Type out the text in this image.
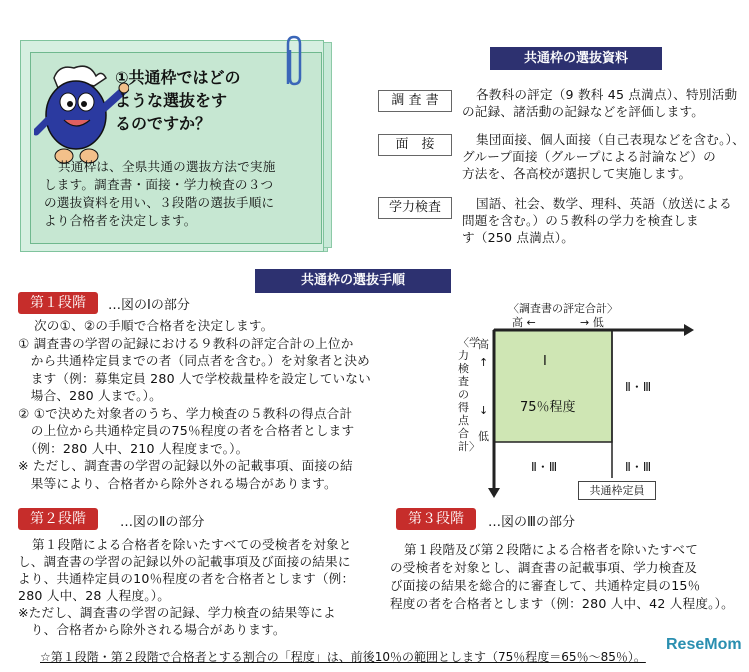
①共通枠ではどの
ような選抜をす
るのですか？
共通枠は、全県共通の選抜方法で実施
します。調査書・面接・学力検査の３つ
の選抜資料を用い、３段階の選抜手順に
より合格者を決定します。
共通枠の選抜資料
調 査 書	各教科の評定（9 教科 45 点満点）、特別活動
の記録、諸活動の記録などを評価します。
面　接	集団面接、個人面接（自己表現などを含む。）、
グループ面接（グループによる討論など）の
方法を、各高校が選択して実施します。
学力検査	国語、社会、数学、理科、英語（放送による
問題を含む。）の５教科の学力を検査しま
す（250 点満点）。
共通枠の選抜手順
第１段階	…図のⅠの部分
次の①、②の手順で合格者を決定します。
① 調査書の学習の記録における９教科の評定合計の上位か
　から共通枠定員までの者（同点者を含む。）を対象者と決め
　ます（例：募集定員 280 人で学校裁量枠を設定していない
　場合、280 人まで。）。
② ①で決めた対象者のうち、学力検査の５教科の得点合計
　の上位から共通枠定員の75％程度の者を合格者とします
　（例：280 人中、210 人程度まで。）。
※ ただし、調査書の学習の記録以外の記載事項、面接の結
　果等により、合格者から除外される場合があります。
〈調査書の評定合計〉
高 ←	→ 低
〈学力検査の得点合計〉
高
↑
↓
低
Ⅰ
75％程度
Ⅱ・Ⅲ
Ⅱ・Ⅲ	Ⅱ・Ⅲ
共通枠定員
第２段階	…図のⅡの部分
第１段階による合格者を除いたすべての受検者を対象と
し、調査書の学習の記録以外の記載事項及び面接の結果に
より、共通枠定員の10％程度の者を合格者とします（例：
280 人中、28 人程度。）。
※ただし、調査書の学習の記録、学力検査の結果等によ
　り、合格者から除外される場合があります。
第３段階	…図のⅢの部分
第１段階及び第２段階による合格者を除いたすべて
の受検者を対象とし、調査書の記載事項、学力検査及
び面接の結果を総合的に審査して、共通枠定員の15％
程度の者を合格者とします（例：280 人中、42 人程度。）。
☆第１段階・第２段階で合格者とする割合の「程度」は、前後10％の範囲とします（75％程度＝65％～85％）。
ReseMom
